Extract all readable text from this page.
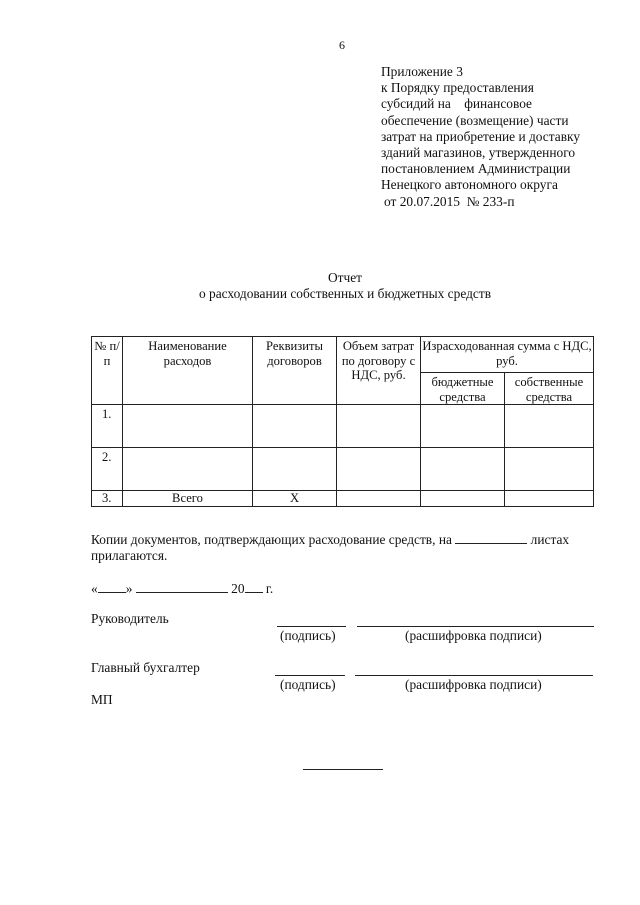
6
Приложение 3
к Порядку предоставления
субсидий на    финансовое
обеспечение (возмещение) части
затрат на приобретение и доставку
зданий магазинов, утвержденного
постановлением Администрации
Ненецкого автономного округа
от 20.07.2015  № 233-п
Отчет
о расходовании собственных и бюджетных средств
№ п/п	Наименование расходов	Реквизиты договоров	Объем затрат по договору с НДС, руб.	Израсходованная сумма с НДС, руб.	
				бюджетные средства	собственные средства
1.					
2.					
3.	Всего	Х			
Копии документов, подтверждающих расходование средств, на	листах прилагаются.
« »	20 г.
Руководитель
(подпись)	(расшифровка подписи)
Главный бухгалтер
(подпись)	(расшифровка подписи)
МП
